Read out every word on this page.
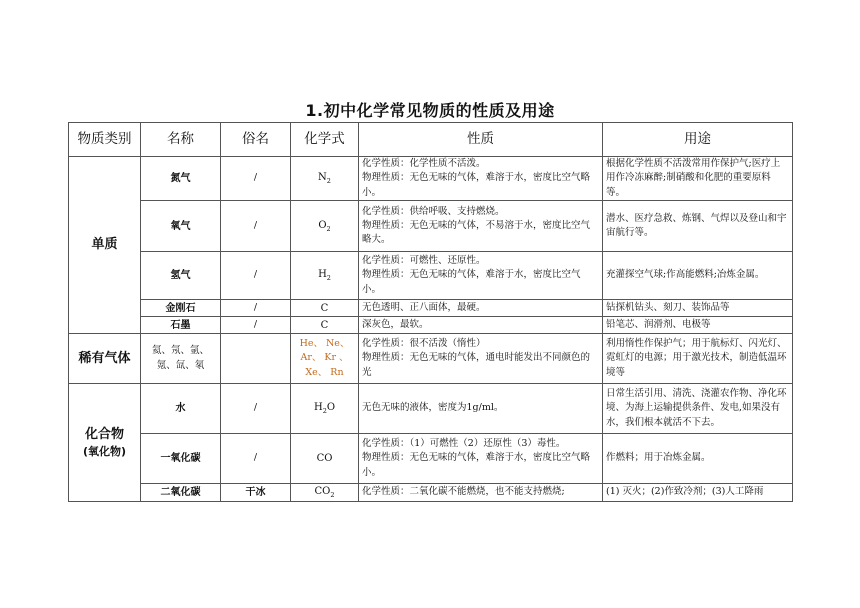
1.初中化学常见物质的性质及用途
物质类别	名称	俗名	化学式	性质	用途
单质	氮气	/	$N_2$	化学性质：化学性质不活泼。
物理性质：无色无味的气体，难溶于水，密度比空气略小。	根据化学性质不活泼常用作保护气;医疗上用作冷冻麻醉;制硝酸和化肥的重要原料等。
	氧气	/	$O_2$	化学性质：供给呼吸、支持燃烧。
物理性质：无色无味的气体，不易溶于水，密度比空气略大。	潜水、医疗急救、炼钢、气焊以及登山和宇宙航行等。
	氢气	/	$H_2$	化学性质：可燃性、还原性。
物理性质：无色无味的气体，难溶于水，密度比空气小。	充灌探空气球;作高能燃料;冶炼金属。
	金刚石	/	C	无色透明、正八面体，最硬。	钻探机钻头、刻刀、装饰品等
	石墨	/	C	深灰色，最软。	铅笔芯、润滑剂、电极等
稀有气体	氦、氖、氩、氪、氙、氡		He、 Ne、 Ar、 Kr 、 Xe、 Rn	化学性质：很不活泼（惰性）
物理性质：无色无味的气体，通电时能发出不同颜色的光	利用惰性作保护气；用于航标灯、闪光灯、霓虹灯的电源；用于激光技术，制造低温环境等
化合物
(氧化物)	水	/	$H_2O$	无色无味的液体，密度为1g/ml。	日常生活引用、清洗、浇灌农作物、净化环境、为海上运输提供条件、发电,如果没有水，我们根本就活不下去。
	一氧化碳	/	CO	化学性质：（1）可燃性（2）还原性（3）毒性。
物理性质：无色无味的气体，难溶于水，密度比空气略小。	作燃料；用于冶炼金属。
	二氧化碳	干冰	$CO_2$	化学性质：二氧化碳不能燃烧，也不能支持燃烧;	(1) 灭火；(2)作致冷剂；(3)人工降雨
